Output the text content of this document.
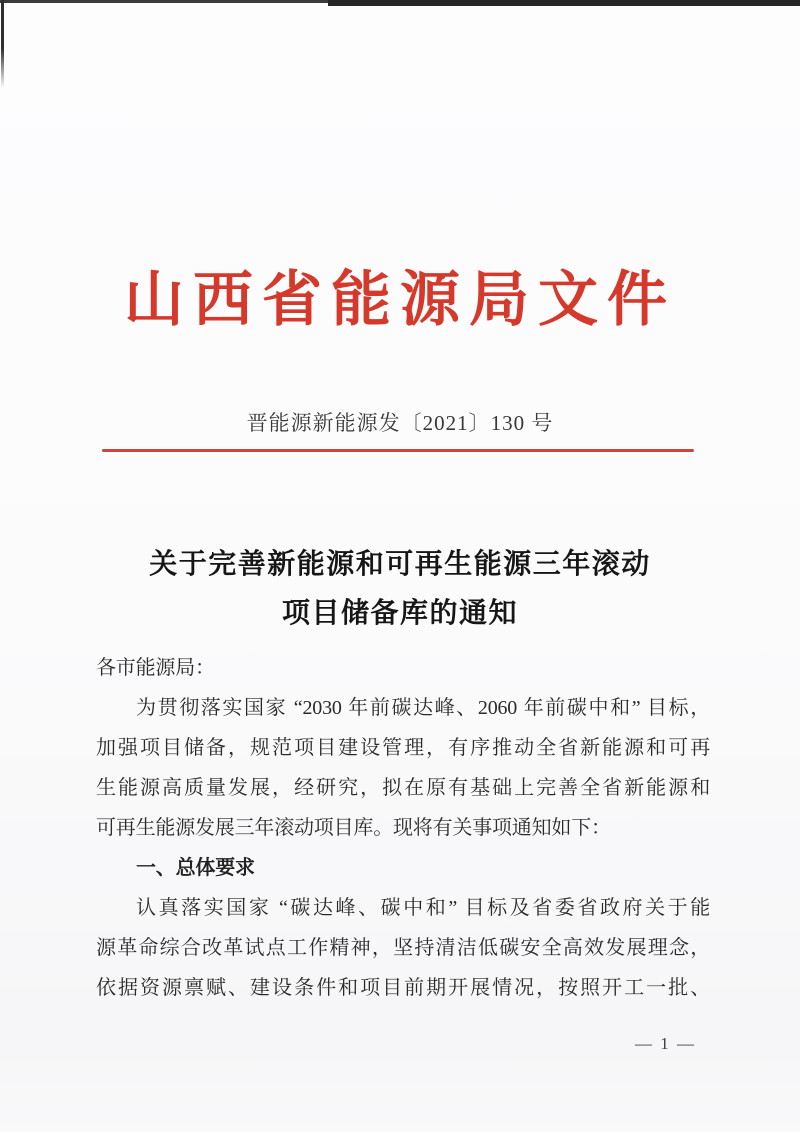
山西省能源局文件
晋能源新能源发〔2021〕130 号
关于完善新能源和可再生能源三年滚动
项目储备库的通知
各市能源局：
为贯彻落实国家 “2030 年前碳达峰、2060 年前碳中和” 目标，
加强项目储备，规范项目建设管理，有序推动全省新能源和可再
生能源高质量发展，经研究，拟在原有基础上完善全省新能源和
可再生能源发展三年滚动项目库。现将有关事项通知如下：
一、总体要求
认真落实国家 “碳达峰、碳中和” 目标及省委省政府关于能
源革命综合改革试点工作精神，坚持清洁低碳安全高效发展理念，
依据资源禀赋、建设条件和项目前期开展情况，按照开工一批、
— 1 —
